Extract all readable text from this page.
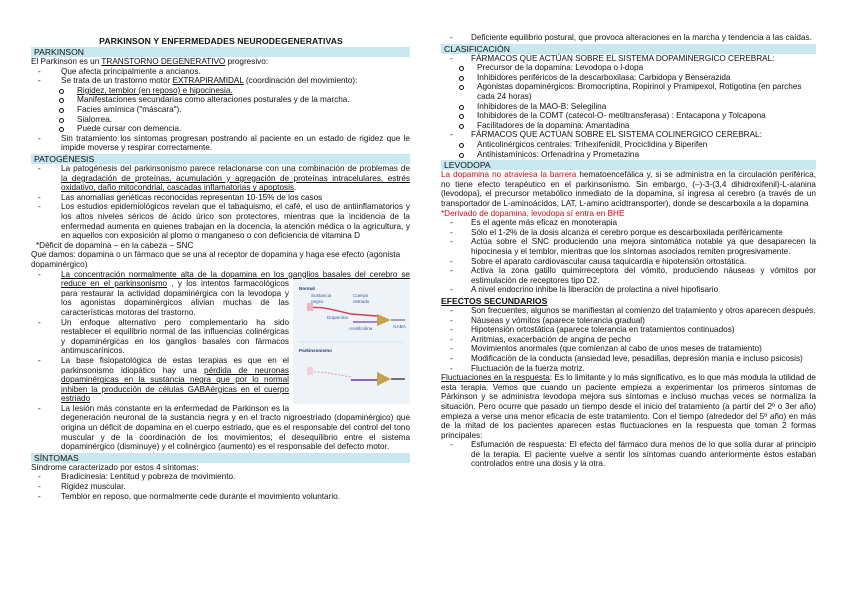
PARKINSON Y ENFERMEDADES NEURODEGENERATIVAS
PARKINSON

El Parkinson es un TRANSTORNO DEGENERATIVO progresivo:

- Que afecta principalmente a ancianos.
- Se trata de un trastorno motor EXTRAPIRAMIDAL (coordinación del movimiento):
Rigidez, temblor (en reposo) e hipocinesia.
Manifestaciones secundarias como alteraciones posturales y de la marcha.
Facies amímica ("máscara").
Sialorrea.
Puede cursar con demencia.
- Sin tratamiento los síntomas progresan postrando al paciente en un estado de rigidez que le impide moverse y respirar correctamente.
PATOGÉNESIS
- La patogénesis del parkinsonismo parece relacionarse con una combinación de problemas de la degradación de proteínas, acumulación y agregación de proteínas intracelulares, estrés oxidativo, daño mitocondrial, cascadas inflamatorias y apoptosis.
- Las anomalías genéticas reconocidas representan 10-15% de los casos
- Los estudios epidemiológicos revelan que el tabaquismo, el café, el uso de antiinflamatorios y los altos niveles séricos de ácido úrico son protectores, mientras que la incidencia de la enfermedad aumenta en quienes trabajan en la docencia, la atención médica o la agricultura, y en aquellos con exposición al plomo o manganeso o con deficiencia de vitamina D

*Déficit de dopamina – en la cabeza – SNC

Que damos: dopamina o un fármaco que se una al receptor de dopamina y haga ese efecto (agonista dopaminérgico)

- La concentración normalmente alta de la dopamina en los ganglios basales del cerebro se reduce en el parkinsonismo
Normal
Sustancia negra
Cuerpo estriado
Dopamina
Acetilcolina	GABA
Parkinsonismo
, y los intentos farmacológicos para restaurar la actividad dopaminérgica con la levodopa y los agonistas dopaminérgicos alivian muchas de las características motoras del trastorno.
- Un enfoque alternativo pero complementario ha sido restablecer el equilibrio normal de las influencias colinérgicas y dopaminérgicas en los ganglios basales con fármacos antimuscarínicos.
- La base fisiopatológica de estas terapias es que en el parkinsonismo idiopático hay una pérdida de neuronas dopaminérgicas en la sustancia negra que por lo normal inhiben la producción de células GABAérgicas en el cuerpo estriado
- La lesión más constante en la enfermedad de Parkinson es la degeneración neuronal de la sustancia negra y en el tracto nigroestriado (dopaminérgico) que origina un déficit de dopamina en el cuerpo estriado, que es el responsable del control del tono muscular y de la coordinación de los movimientos; el desequilibrio entre el sistema dopaminérgico (disminuye) y el colinérgico (aumento) es el responsable del defecto motor.
SÍNTOMAS

Síndrome caracterizado por estos 4 síntomas:

- Bradicinesia: Lentitud y pobreza de movimiento.
- Rigidez muscular.
- Temblor en reposo, que normalmente cede durante el movimiento voluntario.
- Deficiente equilibrio postural, que provoca alteraciones en la marcha y tendencia a las caídas.
CLASIFICACIÓN
- FÁRMACOS QUE ACTÚAN SOBRE EL SISTEMA DOPAMINERGICO CEREBRAL:
Precursor de la dopamina: Levodopa o l-dopa
Inhibidores periféricos de la descarboxilasa: Carbidopa y Benserazida
Agonistas dopaminérgicos: Bromocriptina, Ropirinol y Pramipexol, Rotigotina (en parches cada 24 horas)
Inhibidores de la MAO-B: Selegilina
Inhibidores de la COMT (catecol-O- metiltransferasa) : Entacapona y Tolcapona
Facilitadores de la dopamina: Amantadina
- FÁRMACOS QUE ACTÚAN SOBRE EL SISTEMA COLINERGICO CEREBRAL:
Anticolinérgicos centrales: Trihexifenidil, Prociclidina y Biperifen
Antihistamínicos: Orfenadrina y Prometazina
LEVODOPA

La dopamina no atraviesa la barrera hematoencefálica y, si se administra en la circulación periférica, no tiene efecto terapéutico en el parkinsonismo. Sin embargo, (–)-3-(3,4 dihidroxifenil)-L-alanina (levodopa), el precursor metabólico inmediato de la dopamina, sí ingresa al cerebro (a través de un transportador de L-aminoácidos, LAT, L-amino acidtransporter), donde se descarboxila a la dopamina

*Derivado de dopamina, levodopa sí entra en BHE

- Es el agente más eficaz en monoterapia
- Sólo el 1-2% de la dosis alcanza el cerebro porque es descarboxilada periféricamente
- Actúa sobre el SNC produciendo una mejora sintomática notable ya que desaparecen la hipocinesia y el temblor, mientras que los síntomas asociados remiten progresivamente.
- Sobre el aparato cardiovascular causa taquicardia e hipotensión ortostática.
- Activa la zona gatillo quimirreceptora del vómito, produciendo náuseas y vómitos por estimulación de receptores tipo D2.
- A nivel endocrino inhibe la liberación de prolactina a nivel hipofisario
EFECTOS SECUNDARIOS
- Son frecuentes, algunos se manifiestan al comienzo del tratamiento y otros aparecen después.
- Náuseas y vómitos (aparece tolerancia gradual)
- Hipotensión ortostática (aparece tolerancia en tratamientos continuados)
- Arritmias, exacerbación de angina de pecho
- Movimientos anormales (que comienzan al cabo de unos meses de tratamiento)
- Modificación de la conducta (ansiedad leve, pesadillas, depresión manía e incluso psicosis)
- Fluctuación de la fuerza motriz.

Fluctuaciones en la respuesta: Es lo limitante y lo más significativo, es lo que más modula la utilidad de esta terapia. Vemos que cuando un paciente empieza a experimentar los primeros síntomas de Párkinson y se administra levodopa mejora sus síntomas e incluso muchas veces se normaliza la situación. Pero ocurre que pasado un tiempo desde el inicio del tratamiento (a partir del 2º o 3er año) empieza a verse una menor eficacia de este tratamiento. Con el tiempo (alrededor del 5º año) en más de la mitad de los pacientes aparecen estas fluctuaciones en la respuesta que toman 2 formas principales:

- Esfumación de respuesta: El efecto del fármaco dura menos de lo que solía durar al principio de la terapia. El paciente vuelve a sentir los síntomas cuando anteriormente éstos estaban controlados entre una dosis y la otra.
